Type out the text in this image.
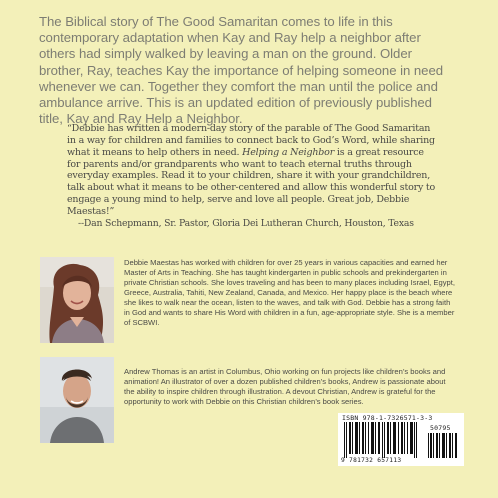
The Biblical story of The Good Samaritan comes to life in this contemporary adaptation when Kay and Ray help a neighbor after others had simply walked by leaving a man on the ground. Older brother, Ray, teaches Kay the importance of helping someone in need whenever we can. Together they comfort the man until the police and ambulance arrive. This is an updated edition of previously published title, Kay and Ray Help a Neighbor.

“Debbie has written a modern-day story of the parable of The Good Samaritan in a way for children and families to connect back to God’s Word, while sharing what it means to help others in need. Helping a Neighbor is a great resource for parents and/or grandparents who want to teach eternal truths through everyday examples. Read it to your children, share it with your grandchildren, talk about what it means to be other-centered and allow this wonderful story to engage a young mind to help, serve and love all people. Great job, Debbie Maestas!”

--Dan Schepmann, Sr. Pastor, Gloria Dei Lutheran Church, Houston, Texas

Debbie Maestas has worked with children for over 25 years in various capacities and earned her Master of Arts in Teaching. She has taught kindergarten in public schools and prekindergarten in private Christian schools. She loves traveling and has been to many places including Israel, Egypt, Greece, Australia, Tahiti, New Zealand, Canada, and Mexico. Her happy place is the beach where she likes to walk near the ocean, listen to the waves, and talk with God. Debbie has a strong faith in God and wants to share His Word with children in a fun, age-appropriate style. She is a member of SCBWI.

Andrew Thomas is an artist in Columbus, Ohio working on fun projects like children’s books and animation! An illustrator of over a dozen published children’s books, Andrew is passionate about the ability to inspire children through illustration. A devout Christian, Andrew is grateful for the opportunity to work with Debbie on this Christian children’s book series.

ISBN 978-1-7326571-3-3
50795
9 781732 657113
